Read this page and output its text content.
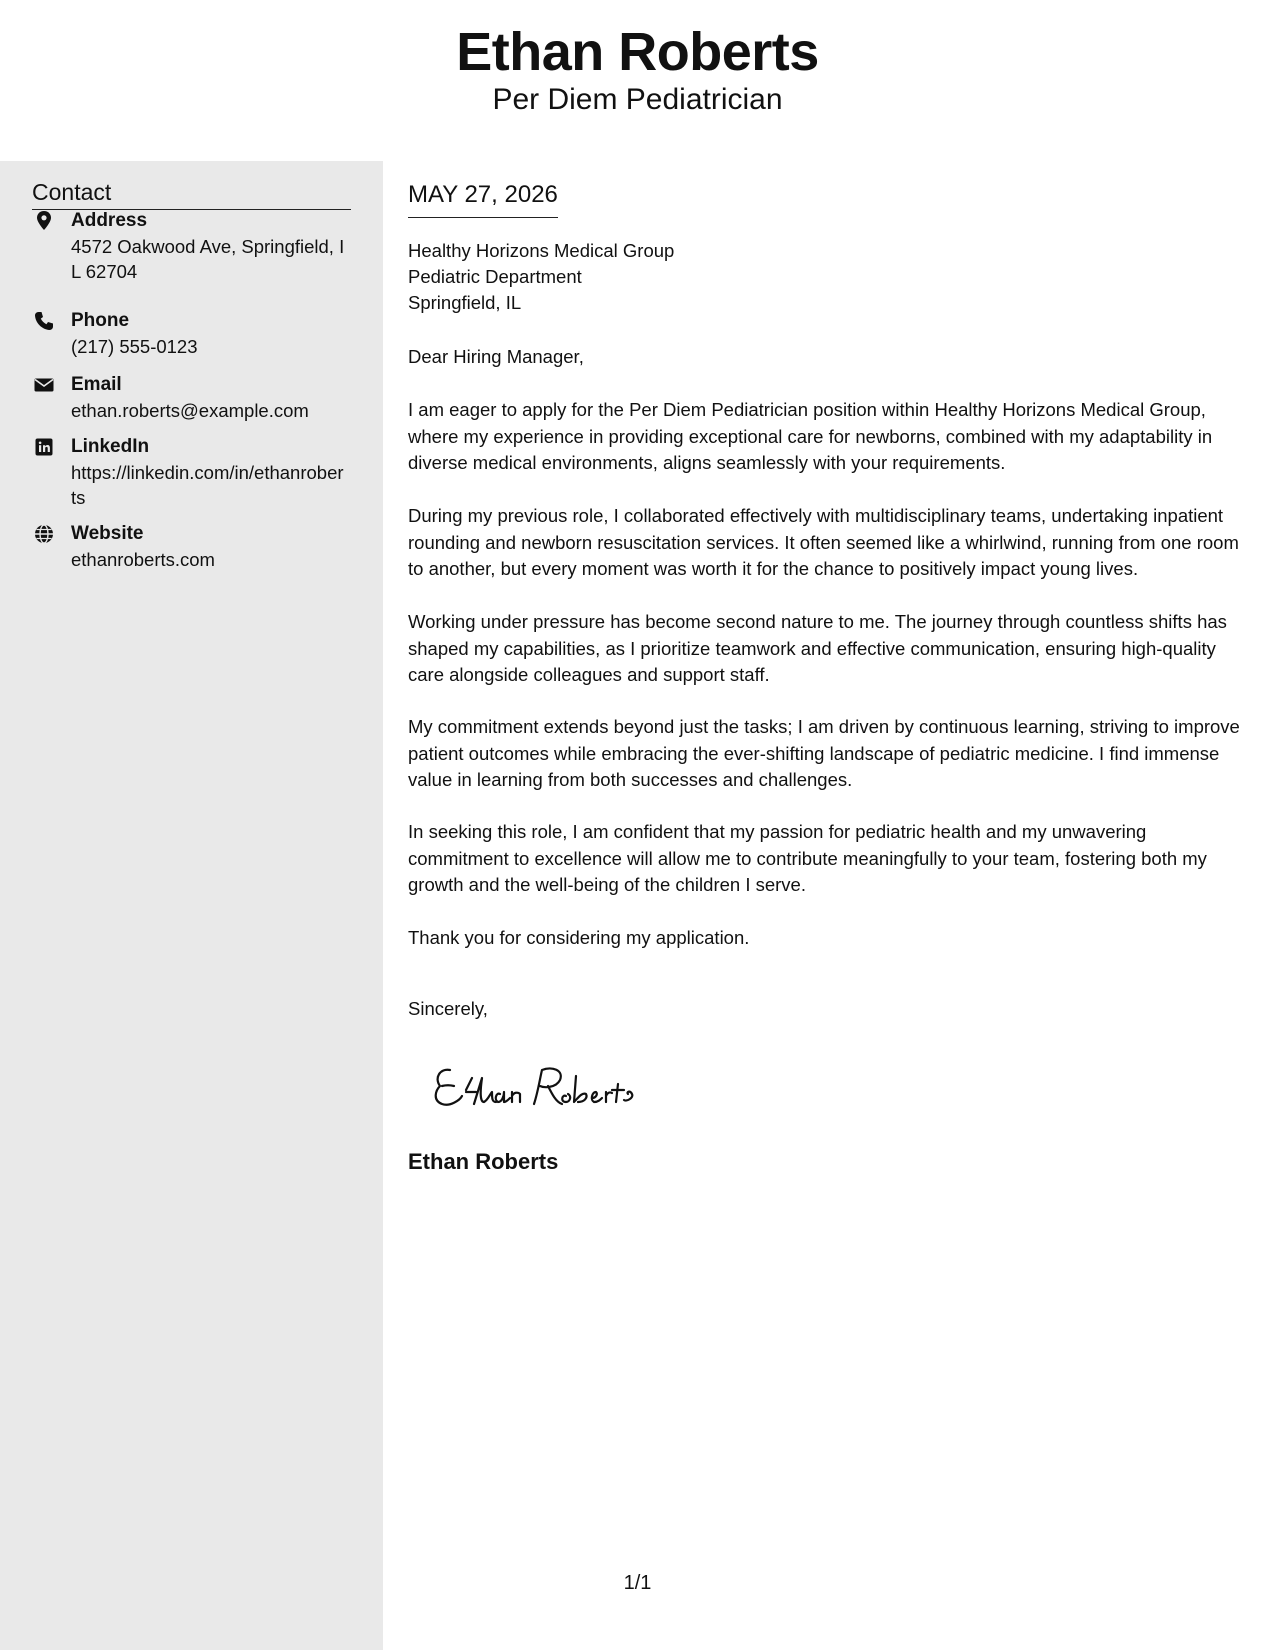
Ethan Roberts
Per Diem Pediatrician
Contact
Address
4572 Oakwood Ave, Springfield, IL 62704
Phone
(217) 555-0123
Email
ethan.roberts@example.com
LinkedIn
https://linkedin.com/in/ethanroberts
Website
ethanroberts.com
MAY 27, 2026
Healthy Horizons Medical Group
Pediatric Department
Springfield, IL
Dear Hiring Manager,
I am eager to apply for the Per Diem Pediatrician position within Healthy Horizons Medical Group, where my experience in providing exceptional care for newborns, combined with my adaptability in diverse medical environments, aligns seamlessly with your requirements.
During my previous role, I collaborated effectively with multidisciplinary teams, undertaking inpatient rounding and newborn resuscitation services. It often seemed like a whirlwind, running from one room to another, but every moment was worth it for the chance to positively impact young lives.
Working under pressure has become second nature to me. The journey through countless shifts has shaped my capabilities, as I prioritize teamwork and effective communication, ensuring high-quality care alongside colleagues and support staff.
My commitment extends beyond just the tasks; I am driven by continuous learning, striving to improve patient outcomes while embracing the ever-shifting landscape of pediatric medicine. I find immense value in learning from both successes and challenges.
In seeking this role, I am confident that my passion for pediatric health and my unwavering commitment to excellence will allow me to contribute meaningfully to your team, fostering both my growth and the well-being of the children I serve.
Thank you for considering my application.
Sincerely,
Ethan Roberts
1/1
